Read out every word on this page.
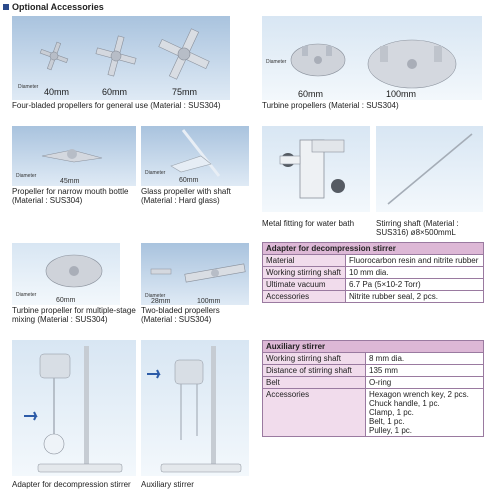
Optional Accessories
Diameter 40mm	60mm	75mm
Four-bladed propellers for general use (Material : SUS304)
Diameter
60mm	100mm
Turbine propellers (Material : SUS304)
Diameter
45mm
Propeller for narrow mouth bottle (Material : SUS304)
Diameter
60mm
Glass propeller with shaft (Material : Hard glass)
Metal fitting for water bath	Stirring shaft (Material : SUS316) ø8×500mmL
Diameter
60mm
Turbine propeller for multiple-stage mixing (Material : SUS304)
Diameter
28mm	100mm
Two-bladed propellers (Material : SUS304)
Adapter for decompression stirrer	Auxiliary stirrer
Adapter for decompression stirrer	
Material	Fluorocarbon resin and nitrite rubber
Working stirring shaft	10 mm dia.
Ultimate vacuum	6.7 Pa (5×10-2 Torr)
Accessories	Nitrite rubber seal, 2 pcs.
Auxiliary stirrer	
Working stirring shaft	8 mm dia.
Distance of stirring shaft	135 mm
Belt	O-ring
Accessories	Hexagon wrench key, 2 pcs.
Chuck handle, 1 pc.
Clamp, 1 pc.
Belt, 1 pc.
Pulley, 1 pc.
